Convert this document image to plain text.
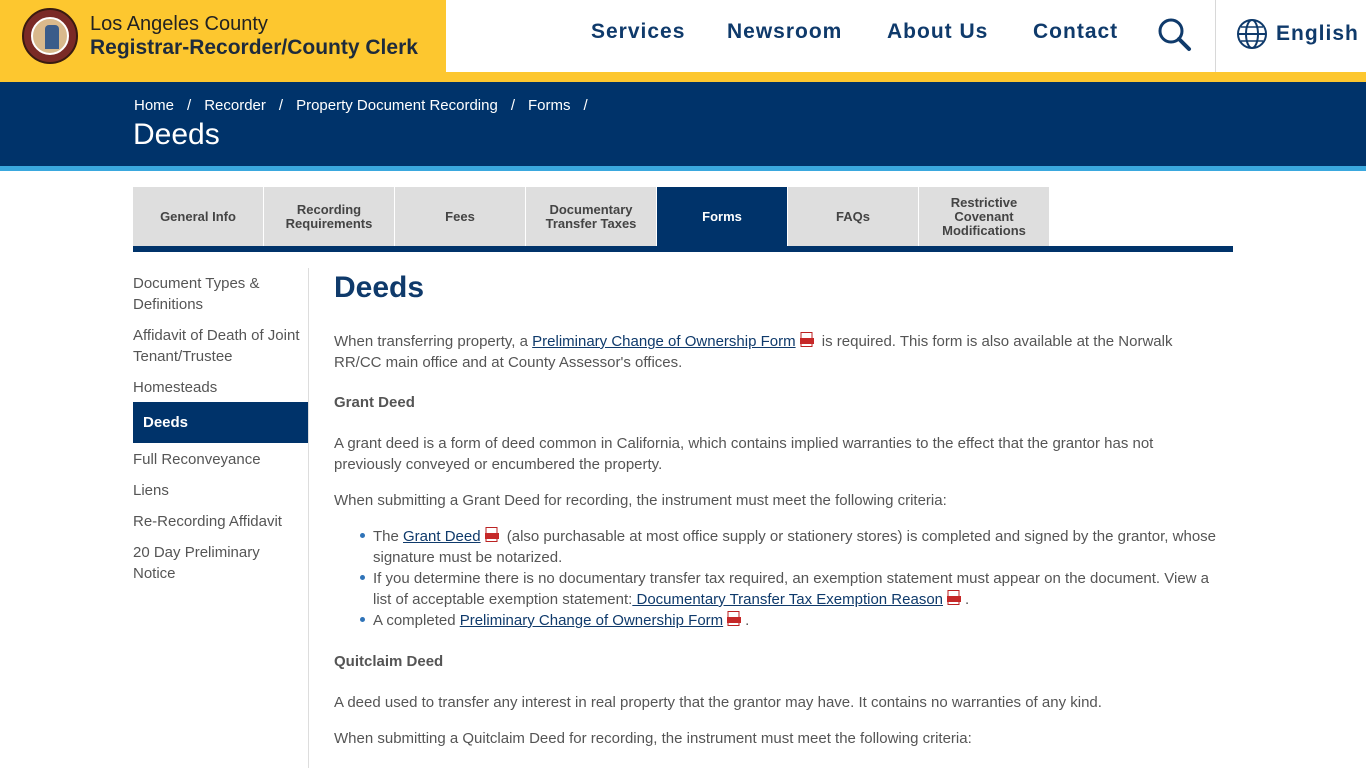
Los Angeles County
Registrar-Recorder/County Clerk
Services Newsroom About Us Contact	English
Home / Recorder / Property Document Recording / Forms /
Deeds
General Info	Recording Requirements	Fees	Documentary Transfer Taxes	Forms	FAQs
Restrictive Covenant Modifications
Document Types & Definitions
Affidavit of Death of Joint Tenant/Trustee
Homesteads
Deeds
Full Reconveyance
Liens
Re-Recording Affidavit
20 Day Preliminary Notice
Deeds
When transferring property, a Preliminary Change of Ownership Form is required. This form is also available at the Norwalk RR/CC main office and at County Assessor's offices.
Grant Deed
A grant deed is a form of deed common in California, which contains implied warranties to the effect that the grantor has not previously conveyed or encumbered the property.
When submitting a Grant Deed for recording, the instrument must meet the following criteria:
The Grant Deed (also purchasable at most office supply or stationery stores) is completed and signed by the grantor, whose signature must be notarized.
If you determine there is no documentary transfer tax required, an exemption statement must appear on the document. View a list of acceptable exemption statement: Documentary Transfer Tax Exemption Reason .
A completed Preliminary Change of Ownership Form .
Quitclaim Deed
A deed used to transfer any interest in real property that the grantor may have. It contains no warranties of any kind.
When submitting a Quitclaim Deed for recording, the instrument must meet the following criteria:
